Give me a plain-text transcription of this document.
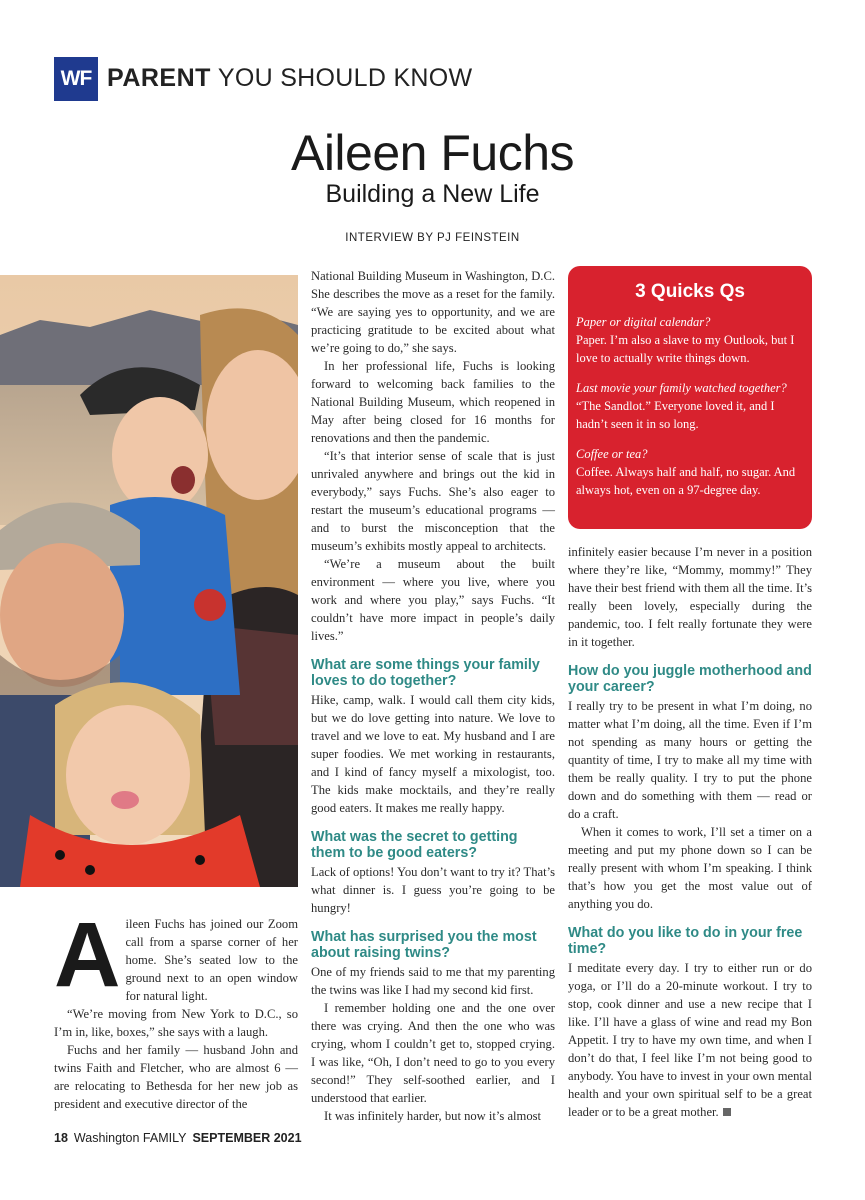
WF PARENT YOU SHOULD KNOW
Aileen Fuchs
Building a New Life
INTERVIEW BY PJ FEINSTEIN

Aileen Fuchs has joined our Zoom call from a sparse corner of her home. She’s seated low to the ground next to an open window for natural light.

“We’re moving from New York to D.C., so I’m in, like, boxes,” she says with a laugh.

Fuchs and her family — husband John and twins Faith and Fletcher, who are almost 6 — are relocating to Bethesda for her new job as president and executive director of the

National Building Museum in Washington, D.C. She describes the move as a reset for the family. “We are saying yes to opportunity, and we are practicing gratitude to be excited about what we’re going to do,” she says.

In her professional life, Fuchs is looking forward to welcoming back families to the National Building Museum, which reopened in May after being closed for 16 months for renovations and then the pandemic.

“It’s that interior sense of scale that is just unrivaled anywhere and brings out the kid in everybody,” says Fuchs. She’s also eager to restart the museum’s educational programs — and to burst the misconception that the museum’s exhibits mostly appeal to architects.

“We’re a museum about the built environment — where you live, where you work and where you play,” says Fuchs. “It couldn’t have more impact in people’s daily lives.”

What are some things your family loves to do together?

Hike, camp, walk. I would call them city kids, but we do love getting into nature. We love to travel and we love to eat. My husband and I are super foodies. We met working in restaurants, and I kind of fancy myself a mixologist, too. The kids make mocktails, and they’re really good eaters. It makes me really happy.

What was the secret to getting them to be good eaters?

Lack of options! You don’t want to try it? That’s what dinner is. I guess you’re going to be hungry!

What has surprised you the most about raising twins?

One of my friends said to me that my parenting the twins was like I had my second kid first.

I remember holding one and the one over there was crying. And then the one who was crying, whom I couldn’t get to, stopped crying. I was like, “Oh, I don’t need to go to you every second!” They self-soothed earlier, and I understood that earlier.

It was infinitely harder, but now it’s almost

3 Quicks Qs
Paper or digital calendar?
Paper. I’m also a slave to my Outlook, but I love to actually write things down.
Last movie your family watched together?
“The Sandlot.” Everyone loved it, and I hadn’t seen it in so long.
Coffee or tea?
Coffee. Always half and half, no sugar. And always hot, even on a 97-degree day.

infinitely easier because I’m never in a position where they’re like, “Mommy, mommy!” They have their best friend with them all the time. It’s really been lovely, especially during the pandemic, too. I felt really fortunate they were in it together.

How do you juggle motherhood and your career?

I really try to be present in what I’m doing, no matter what I’m doing, all the time. Even if I’m not spending as many hours or getting the quantity of time, I try to make all my time with them be really quality. I try to put the phone down and do something with them — read or do a craft.

When it comes to work, I’ll set a timer on a meeting and put my phone down so I can be really present with whom I’m speaking. I think that’s how you get the most value out of anything you do.

What do you like to do in your free time?

I meditate every day. I try to either run or do yoga, or I’ll do a 20-minute workout. I try to stop, cook dinner and use a new recipe that I like. I’ll have a glass of wine and read my Bon Appetit. I try to have my own time, and when I don’t do that, I feel like I’m not being good to anybody. You have to invest in your own mental health and your own spiritual self to be a great leader or to be a great mother.

18 Washington FAMILY SEPTEMBER 2021
